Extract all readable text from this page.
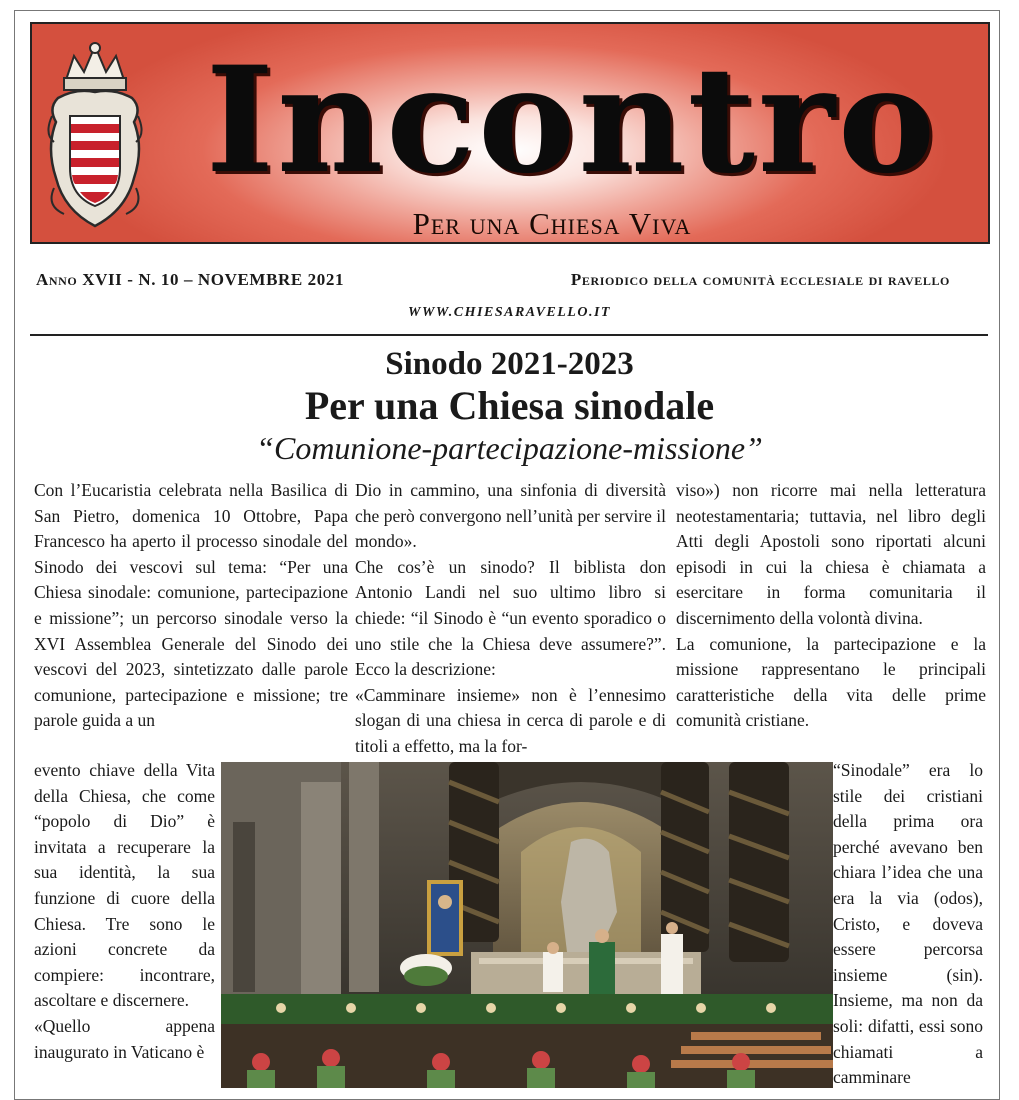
Incontro
Per una Chiesa Viva
Anno XVII - N. 10 – NOVEMBRE 2021	Periodico della comunità ecclesiale di ravello
WWW.CHIESARAVELLO.IT
Sinodo 2021-2023
Per una Chiesa sinodale
“Comunione-partecipazione-missione”

Con l’Eucaristia celebrata nella Basilica di San Pietro, domenica 10 Ottobre, Papa Francesco ha aperto il processo sinodale del Sinodo dei vescovi sul tema: “Per una Chiesa sinodale: comunione, partecipazione e missione”; un percorso sinodale verso la XVI Assemblea Generale del Sinodo dei vescovi del 2023, sintetizzato dalle parole comunione, partecipazione e missione; tre parole guida a un

Dio in cammino, una sinfonia di diversità che però convergono nell’unità per servire il mondo».

Che cos’è un sinodo? Il biblista don Antonio Landi nel suo ultimo libro si chiede: “il Sinodo è “un evento sporadico o uno stile che la Chiesa deve assumere?”. Ecco la descrizione:

«Camminare insieme» non è l’ennesimo slogan di una chiesa in cerca di parole e di titoli a effetto, ma la for-

viso») non ricorre mai nella letteratura neotestamentaria; tuttavia, nel libro degli Atti degli Apostoli sono riportati alcuni episodi in cui la chiesa è chiamata a esercitare in forma comunitaria il discernimento della volontà divina.

La comunione, la partecipazione e la missione rappresentano le principali caratteristiche della vita delle prime comunità cristiane.

evento chiave della Vita della Chiesa, che come “popolo di Dio” è invitata a recuperare la sua identità, la sua funzione di cuore della Chiesa. Tre sono le azioni concrete da compiere: incontrare, ascoltare e discernere.

«Quello appena inaugurato in Vaticano è

“Sinodale” era lo stile dei cristiani della prima ora perché avevano ben chiara l’idea che una era la via (odos), Cristo, e doveva essere percorsa insieme (sin). Insieme, ma non da soli: difatti, essi sono chiamati a camminare
